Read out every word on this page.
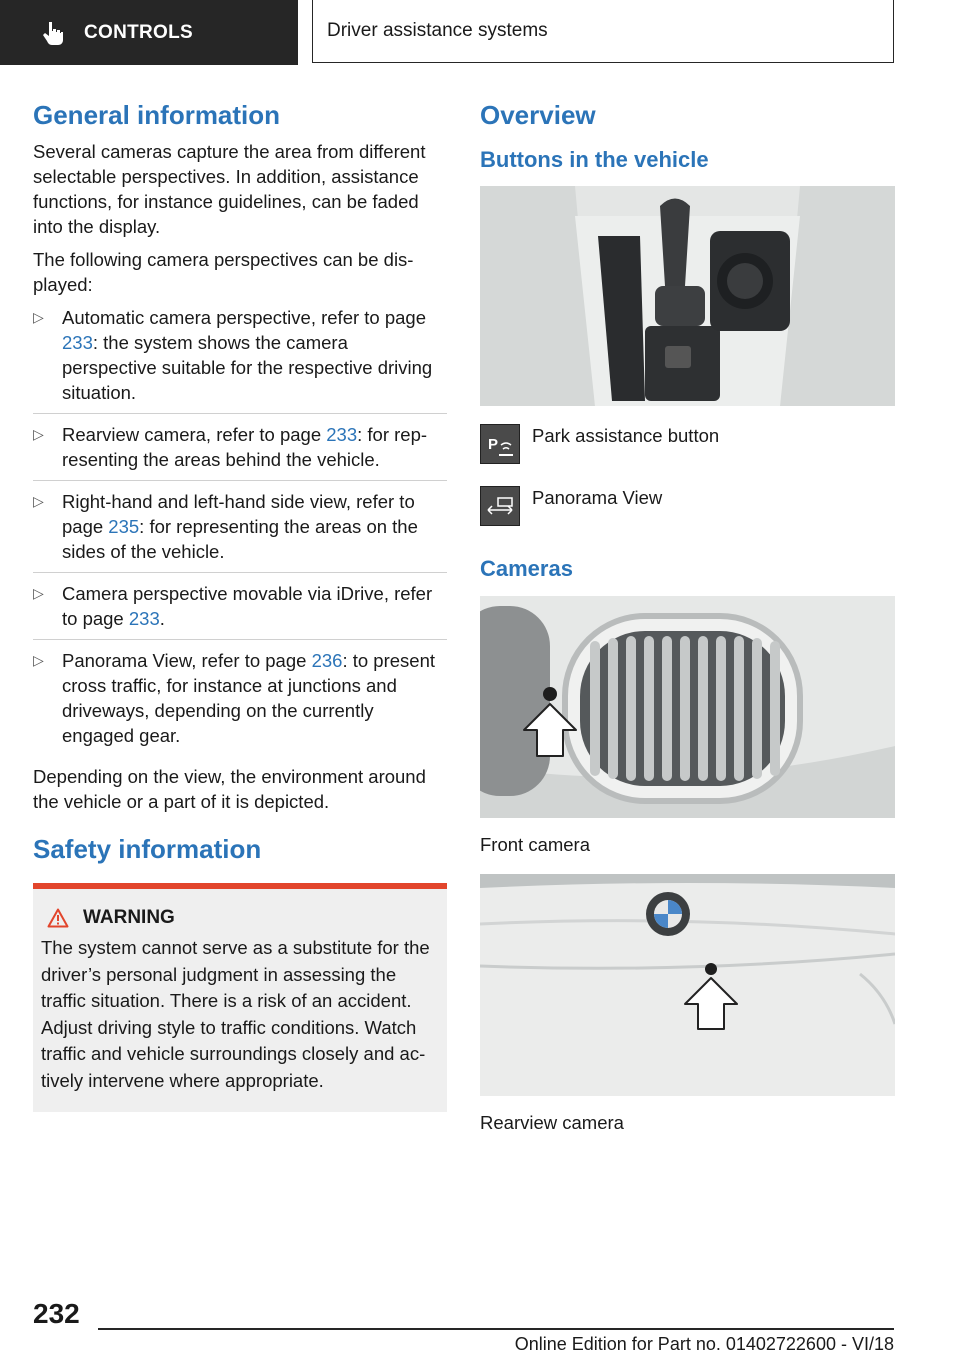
CONTROLS	Driver assistance systems
General information

Several cameras capture the area from different selectable perspectives. In addition, assistance functions, for instance guidelines, can be faded into the display.

The following camera perspectives can be dis‐played:

▷ Automatic camera perspective, refer to page 233: the system shows the camera perspective suitable for the respective driving situation.
▷ Rearview camera, refer to page 233: for rep‐resenting the areas behind the vehicle.
▷ Right-hand and left-hand side view, refer to page 235: for representing the areas on the sides of the vehicle.
▷ Camera perspective movable via iDrive, refer to page 233.
▷ Panorama View, refer to page 236: to present cross traffic, for instance at junctions and driveways, depending on the currently engaged gear.

Depending on the view, the environment around the vehicle or a part of it is depicted.

Safety information
WARNING

The system cannot serve as a substitute for the driver’s personal judgment in assessing the traffic situation. There is a risk of an accident. Adjust driving style to traffic conditions. Watch traffic and vehicle surroundings closely and ac‐tively intervene where appropriate.

Overview
Buttons in the vehicle
P Park assistance button
Panorama View
Cameras
Front camera
Rearview camera
232
Online Edition for Part no. 01402722600 - VI/18
